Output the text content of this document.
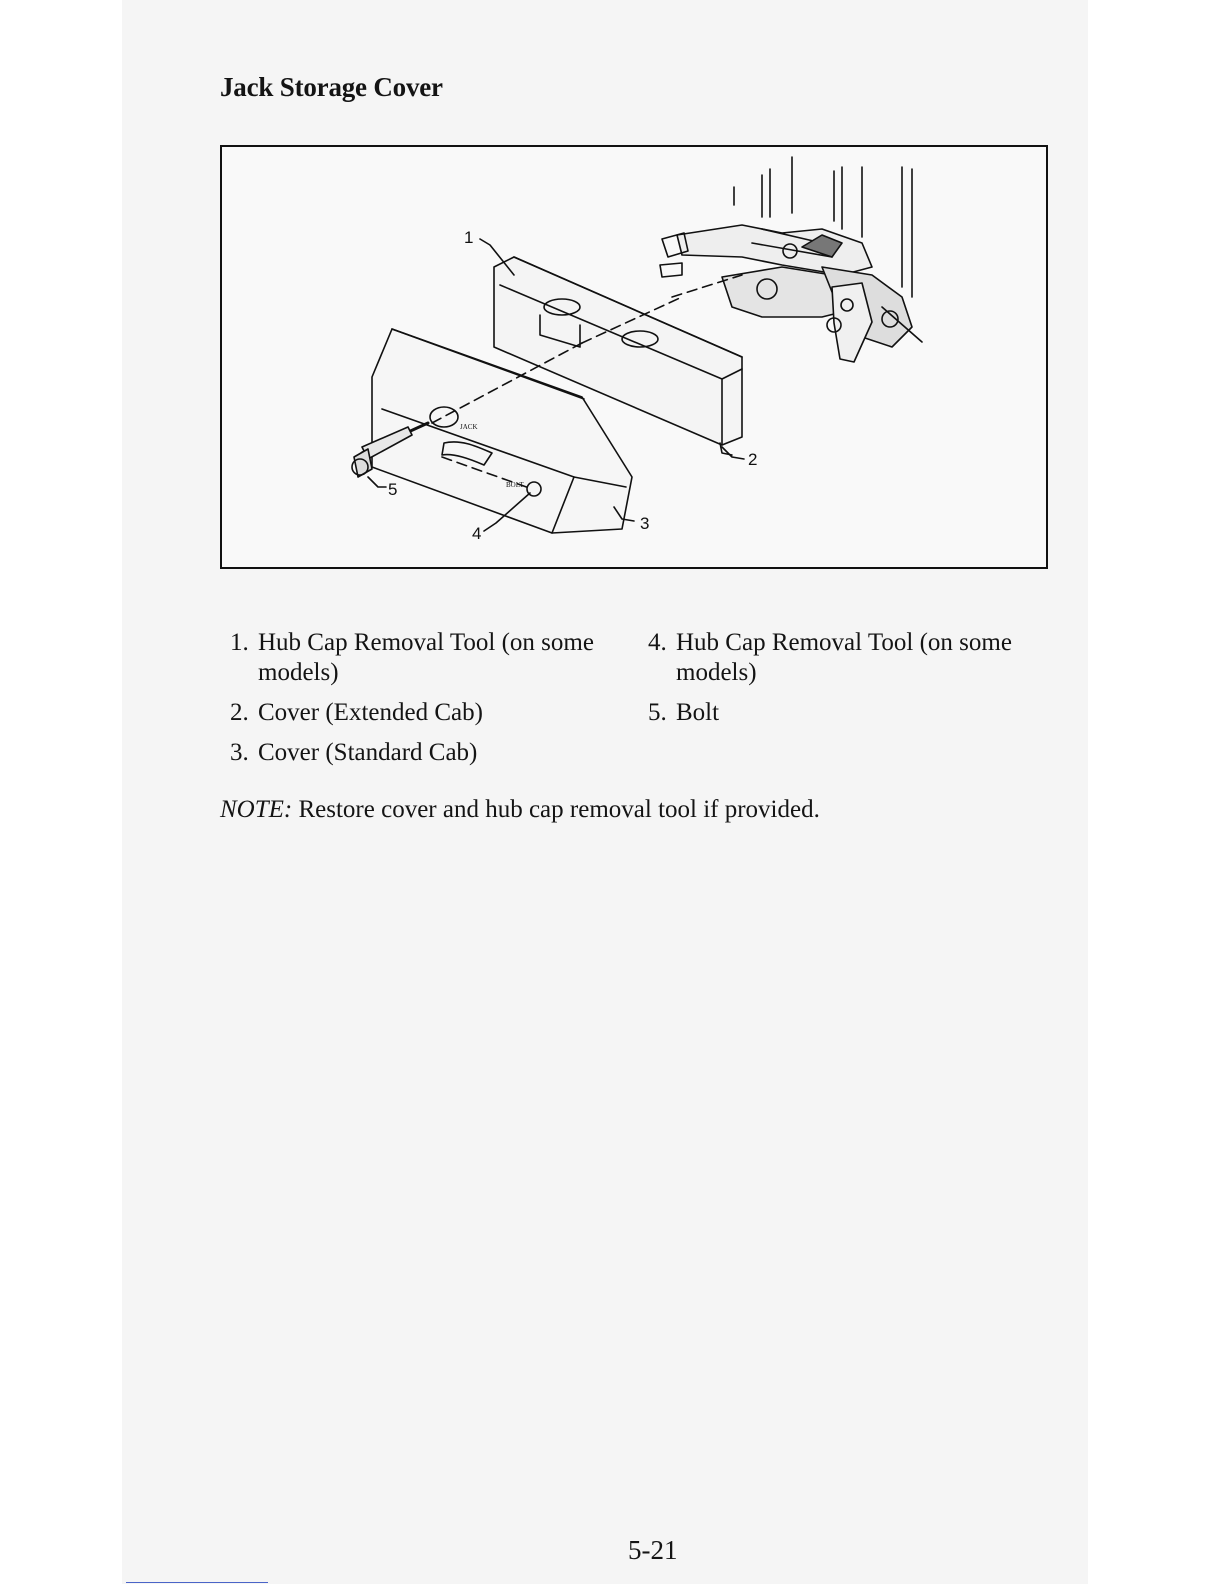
Jack Storage Cover
JACK
BOLT
1
2
3
4
5
1. Hub Cap Removal Tool (on some models)
2. Cover (Extended Cab)
3. Cover (Standard Cab)
4. Hub Cap Removal Tool (on some models)
5. Bolt
NOTE: Restore cover and hub cap removal tool if provided.
5-21
